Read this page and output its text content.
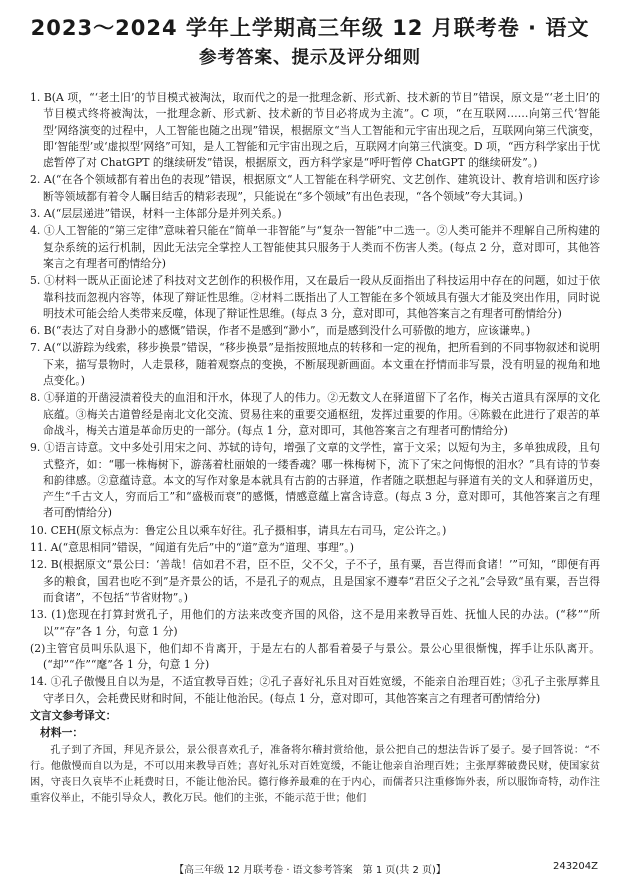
2023～2024 学年上学期高三年级 12 月联考卷 · 语文
参考答案、提示及评分细则

1. B(A 项，“‘老土旧’的节目模式被淘汰，取而代之的是一批理念新、形式新、技术新的节目”错误，原文是“‘老土旧’的节目模式终将被淘汰，一批理念新、形式新、技术新的节目必将成为主流”。C 项，“在互联网……向第三代‘智能型’网络演变的过程中，人工智能也随之出现”错误，根据原文“当人工智能和元宇宙出现之后，互联网向第三代演变，即‘智能型’或‘虚拟型’网络”可知，是人工智能和元宇宙出现之后，互联网才向第三代演变。D 项，“西方科学家出于忧虑暂停了对 ChatGPT 的继续研发”错误，根据原文，西方科学家是“呼吁暂停 ChatGPT 的继续研发”。)

2. A(“在各个领域都有着出色的表现”错误，根据原文“人工智能在科学研究、文艺创作、建筑设计、教育培训和医疗诊断等领域都有着令人瞩目结舌的精彩表现”，只能说在“多个领域”有出色表现，“各个领域”夸大其词。)

3. A(“层层递进”错误，材料一主体部分是并列关系。)

4. ①人工智能的“第三定律”意味着只能在“简单一非智能”与“复杂一智能”中二选一。②人类可能并不理解自己所构建的复杂系统的运行机制，因此无法完全掌控人工智能使其只服务于人类而不伤害人类。(每点 2 分，意对即可，其他答案言之有理者可酌情给分)

5. ①材料一既从正面论述了科技对文艺创作的积极作用，又在最后一段从反面指出了科技运用中存在的问题，如过于依靠科技而忽视内容等，体现了辩证性思维。②材料二既指出了人工智能在多个领域具有强大才能及突出作用，同时说明技术可能会给人类带来反噬，体现了辩证性思维。(每点 3 分，意对即可，其他答案言之有理者可酌情给分)

6. B(“表达了对自身渺小的感慨”错误，作者不是感到“渺小”，而是感到没什么可骄傲的地方，应该谦卑。)

7. A(“以游踪为线索，移步换景”错误，“移步换景”是指按照地点的转移和一定的视角，把所看到的不同事物叙述和说明下来，描写景物时，人走景移，随着观察点的变换，不断展现新画面。本文重在抒情而非写景，没有明显的视角和地点变化。)

8. ①驿道的开凿浸渍着役夫的血泪和汗水，体现了人的伟力。②无数文人在驿道留下了名作，梅关古道具有深厚的文化底蕴。③梅关古道曾经是南北文化交流、贸易往来的重要交通枢纽，发挥过重要的作用。④陈毅在此进行了艰苦的革命战斗，梅关古道是革命历史的一部分。(每点 1 分，意对即可，其他答案言之有理者可酌情给分)

9. ①语言诗意。文中多处引用宋之问、苏轼的诗句，增强了文章的文学性，富于文采；以短句为主，多单独成段，且句式整齐，如：“哪一株梅树下，游荡着杜丽娘的一缕香魂？哪一株梅树下，流下了宋之问悔恨的泪水？”具有诗的节奏和韵律感。②意蕴诗意。本文的写作对象是本就具有古韵的古驿道，作者随之联想起与驿道有关的文人和驿道历史，产生“千古文人，穷而后工”和“盛极而衰”的感慨，情感意蕴上富含诗意。(每点 3 分，意对即可，其他答案言之有理者可酌情给分)

10. CEH(原文标点为：鲁定公且以乘车好往。孔子摄相事，请具左右司马，定公许之。)

11. A(“意思相同”错误，“闻道有先后”中的“道”意为“道理、事理”。)

12. B(根据原文“景公曰：‘善哉！信如君不君，臣不臣，父不父，子不子，虽有粟，吾岂得而食诸！’”可知，“即便有再多的粮食，国君也吃不到”是齐景公的话，不是孔子的观点，且是国家不遵奉“君臣父子之礼”会导致“虽有粟，吾岂得而食诸”，不包括“节省财物”。)

13. (1)您现在打算封赏孔子，用他们的方法来改变齐国的风俗，这不是用来教导百姓、抚恤人民的办法。(“移”“所以”“存”各 1 分，句意 1 分)

(2)主管官员叫乐队退下，他们却不肯离开，于是左右的人都看着晏子与景公。景公心里很惭愧，挥手让乐队离开。(“却”“作”“麾”各 1 分，句意 1 分)

14. ①孔子傲慢且自以为是，不适宜教导百姓；②孔子喜好礼乐且对百姓宽缓，不能亲自治理百姓；③孔子主张厚葬且守孝日久，会耗费民财和时间，不能让他治民。(每点 1 分，意对即可，其他答案言之有理者可酌情给分)

文言文参考译文：

材料一：

孔子到了齐国，拜见齐景公，景公很喜欢孔子，准备将尔稽封赏给他，景公把自己的想法告诉了晏子。晏子回答说：“不行。他傲慢而自以为是，不可以用来教导百姓；喜好礼乐对百姓宽缓，不能让他亲自治理百姓；主张厚葬破费民财，使国家贫困，守丧日久哀毕不止耗费时日，不能让他治民。德行修养最难的在于内心，而儒者只注重修饰外表，所以服饰奇特，动作注重容仪举止，不能引导众人，教化万民。他们的主张，不能示范于世；他们

【高三年级 12 月联考卷 · 语文参考答案　第 1 页(共 2 页)】	243204Z
